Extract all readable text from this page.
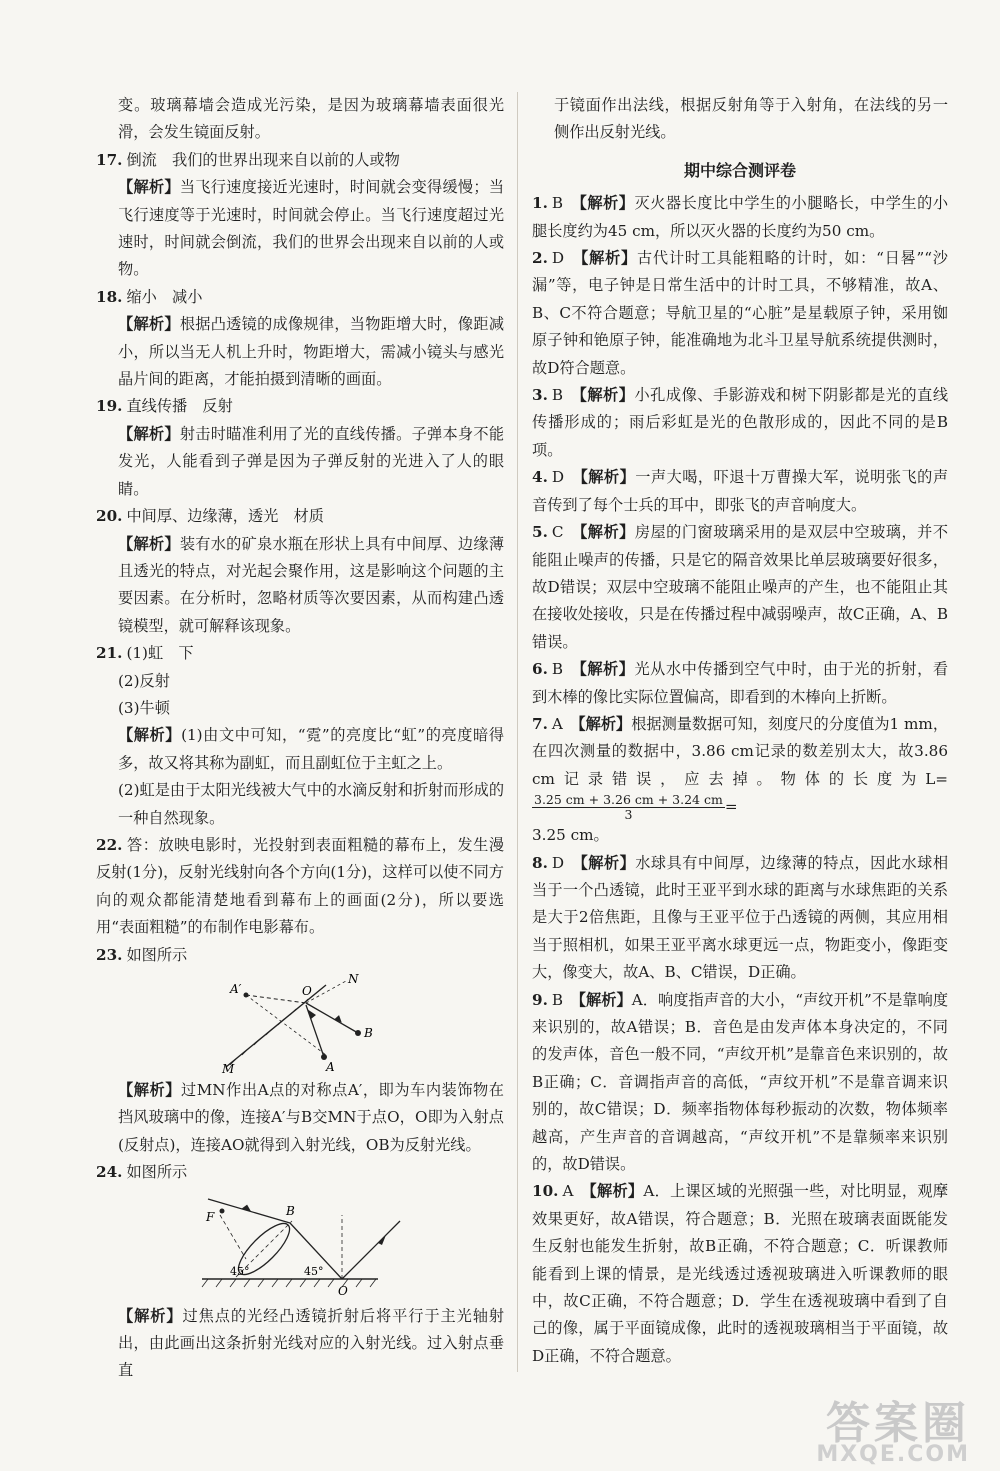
变。玻璃幕墙会造成光污染，是因为玻璃幕墙表面很光滑，会发生镜面反射。

17. 倒流　我们的世界出现来自以前的人或物

【解析】当飞行速度接近光速时，时间就会变得缓慢；当飞行速度等于光速时，时间就会停止。当飞行速度超过光速时，时间就会倒流，我们的世界会出现来自以前的人或物。

18. 缩小　减小

【解析】根据凸透镜的成像规律，当物距增大时，像距减小，所以当无人机上升时，物距增大，需减小镜头与感光晶片间的距离，才能拍摄到清晰的画面。

19. 直线传播　反射

【解析】射击时瞄准利用了光的直线传播。子弹本身不能发光，人能看到子弹是因为子弹反射的光进入了人的眼睛。

20. 中间厚、边缘薄，透光　材质

【解析】装有水的矿泉水瓶在形状上具有中间厚、边缘薄且透光的特点，对光起会聚作用，这是影响这个问题的主要因素。在分析时，忽略材质等次要因素，从而构建凸透镜模型，就可解释该现象。

21. (1)虹　下

(2)反射

(3)牛顿

【解析】(1)由文中可知，“霓”的亮度比“虹”的亮度暗得多，故又将其称为副虹，而且副虹位于主虹之上。

(2)虹是由于太阳光线被大气中的水滴反射和折射而形成的一种自然现象。

22. 答：放映电影时，光投射到表面粗糙的幕布上，发生漫反射(1分)，反射光线射向各个方向(1分)，这样可以使不同方向的观众都能清楚地看到幕布上的画面(2分)，所以要选用“表面粗糙”的布制作电影幕布。

23. 如图所示

A′	O
N
B
M	A

【解析】过MN作出A点的对称点A′，即为车内装饰物在挡风玻璃中的像，连接A′与B交MN于点O，O即为入射点(反射点)，连接AO就得到入射光线，OB为反射光线。

24. 如图所示

F	B
O
45°	45°

【解析】过焦点的光经凸透镜折射后将平行于主光轴射出，由此画出这条折射光线对应的入射光线。过入射点垂直

于镜面作出法线，根据反射角等于入射角，在法线的另一侧作出反射光线。

期中综合测评卷

1. B　 【解析】灭火器长度比中学生的小腿略长，中学生的小腿长度约为45 cm，所以灭火器的长度约为50 cm。

2. D　 【解析】古代计时工具能粗略的计时，如：“日晷”“沙漏”等，电子钟是日常生活中的计时工具，不够精准，故A、B、C不符合题意；导航卫星的“心脏”是星载原子钟，采用铷原子钟和铯原子钟，能准确地为北斗卫星导航系统提供测时，故D符合题意。

3. B　 【解析】小孔成像、手影游戏和树下阴影都是光的直线传播形成的；雨后彩虹是光的色散形成的，因此不同的是B项。

4. D　 【解析】一声大喝，吓退十万曹操大军，说明张飞的声音传到了每个士兵的耳中，即张飞的声音响度大。

5. C　 【解析】房屋的门窗玻璃采用的是双层中空玻璃，并不能阻止噪声的传播，只是它的隔音效果比单层玻璃要好很多，故D错误；双层中空玻璃不能阻止噪声的产生，也不能阻止其在接收处接收，只是在传播过程中减弱噪声，故C正确，A、B错误。

6. B　 【解析】光从水中传播到空气中时，由于光的折射，看到木棒的像比实际位置偏高，即看到的木棒向上折断。

7. A　 【解析】根据测量数据可知，刻度尺的分度值为1 mm，在四次测量的数据中，3.86 cm记录的数差别太大，故3.86 cm记录错误，应去掉。物体的长度为L=
$\frac{3.25 cm + 3.26 cm + 3.24 cm}{3}$ =

3.25 cm。

8. D　 【解析】水球具有中间厚，边缘薄的特点，因此水球相当于一个凸透镜，此时王亚平到水球的距离与水球焦距的关系是大于2倍焦距，且像与王亚平位于凸透镜的两侧，其应用相当于照相机，如果王亚平离水球更远一点，物距变小，像距变大，像变大，故A、B、C错误，D正确。

9. B　 【解析】A．响度指声音的大小，“声纹开机”不是靠响度来识别的，故A错误；B．音色是由发声体本身决定的，不同的发声体，音色一般不同，“声纹开机”是靠音色来识别的，故B正确；C．音调指声音的高低，“声纹开机”不是靠音调来识别的，故C错误；D．频率指物体每秒振动的次数，物体频率越高，产生声音的音调越高，“声纹开机”不是靠频率来识别的，故D错误。

10. A　 【解析】A．上课区域的光照强一些，对比明显，观摩效果更好，故A错误，符合题意；B．光照在玻璃表面既能发生反射也能发生折射，故B正确，不符合题意；C．听课教师能看到上课的情景，是光线透过透视玻璃进入听课教师的眼中，故C正确，不符合题意；D．学生在透视玻璃中看到了自己的像，属于平面镜成像，此时的透视玻璃相当于平面镜，故D正确，不符合题意。

答案圈
MXQE.COM
